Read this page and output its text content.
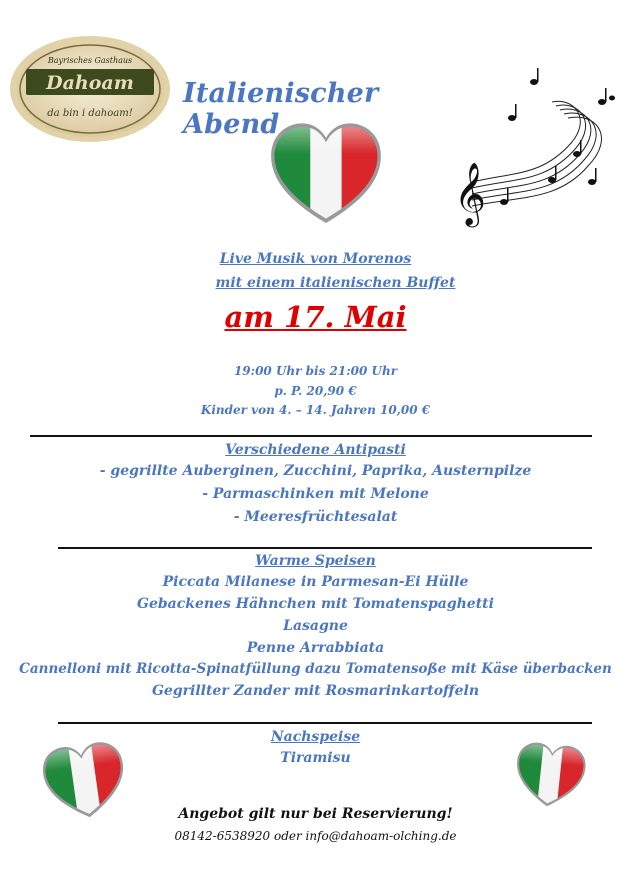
Bayrisches Gasthaus
Dahoam
da bin i dahoam!
Italienischer Abend
𝄞
Live Musik von Morenos
mit einem italienischen Buffet
am 17. Mai
19:00 Uhr bis 21:00 Uhr
p. P. 20,90 €
Kinder von 4. – 14. Jahren 10,00 €
Verschiedene Antipasti
- gegrillte Auberginen, Zucchini, Paprika, Austernpilze
- Parmaschinken mit Melone
- Meeresfrüchtesalat
Warme Speisen
Piccata Milanese in Parmesan-Ei Hülle
Gebackenes Hähnchen mit Tomatenspaghetti
Lasagne
Penne Arrabbiata
Cannelloni mit Ricotta-Spinatfüllung dazu Tomatensoße mit Käse überbacken
Gegrillter Zander mit Rosmarinkartoffeln
Nachspeise
Tiramisu
Angebot gilt nur bei Reservierung!
08142-6538920 oder info@dahoam-olching.de
